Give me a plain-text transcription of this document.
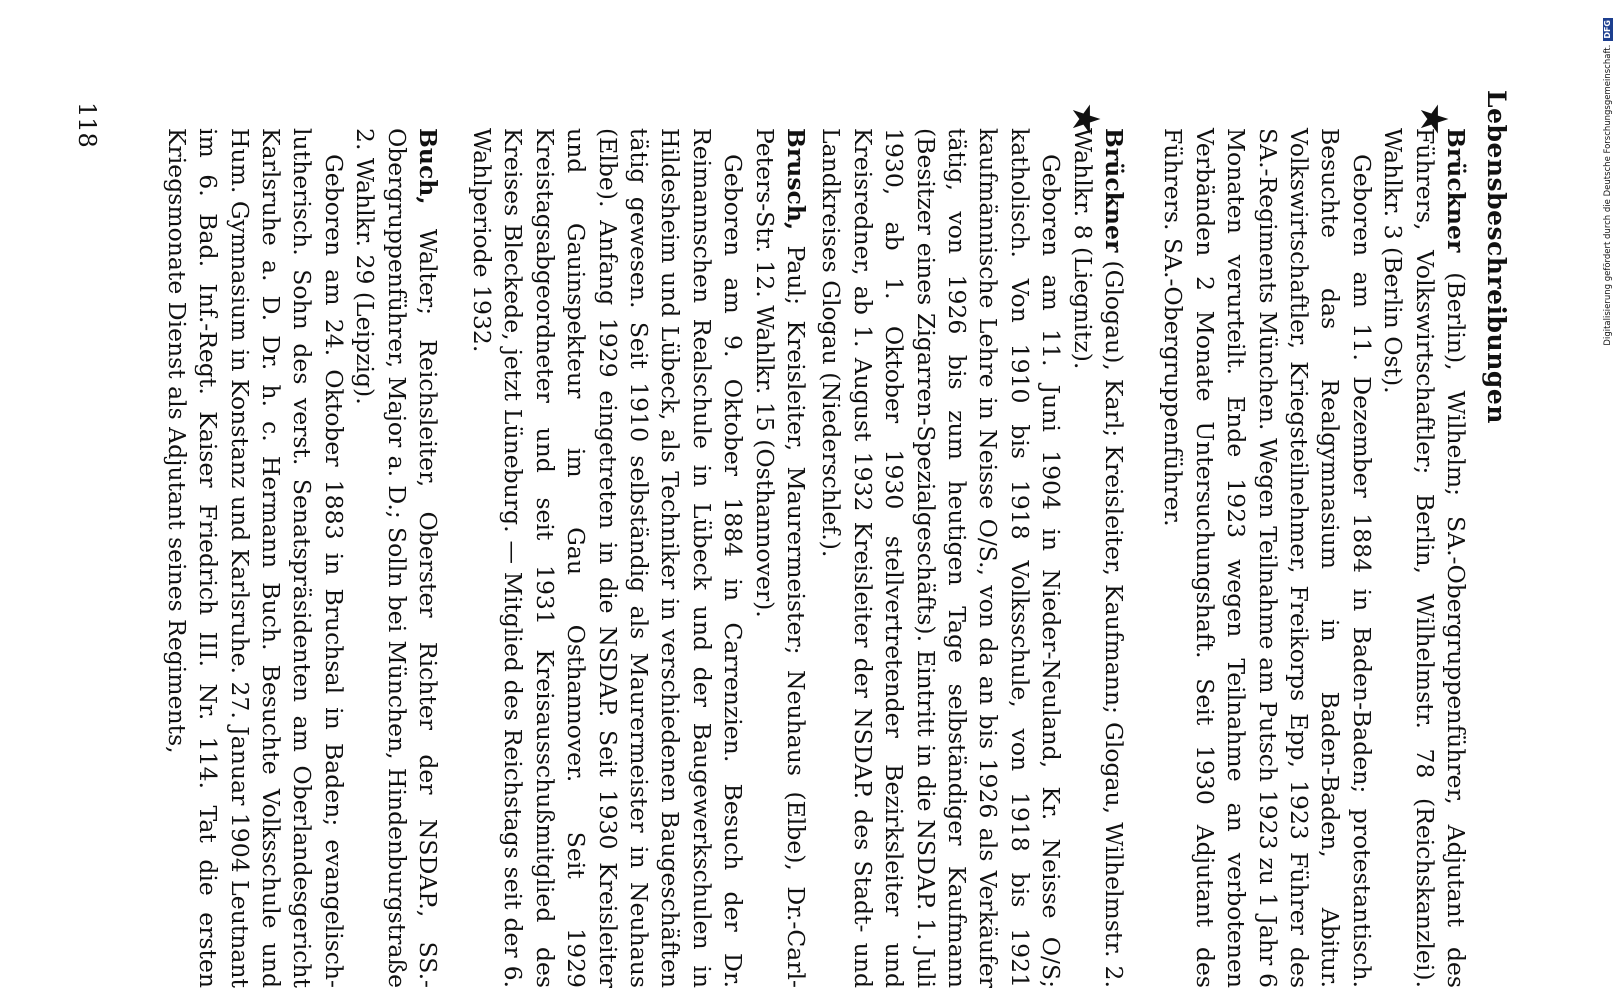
Lebensbeschreibungen
★

Brückner (Berlin), Wilhelm; SA.-Obergruppenführer, Adjutant des Führers, Volkswirtschaftler; Berlin, Wilhelmstr. 78 (Reichskanzlei). Wahlkr. 3 (Berlin Ost).

Geboren am 11. Dezember 1884 in Baden-Baden; protestantisch. Besuchte das Realgymnasium in Baden-Baden, Abitur. Volkswirtschaftler, Kriegsteilnehmer, Freikorps Epp, 1923 Führer des SA.-Regiments München. Wegen Teilnahme am Putsch 1923 zu 1 Jahr 6 Monaten verurteilt. Ende 1923 wegen Teilnahme an verbotenen Verbänden 2 Monate Untersuchungshaft. Seit 1930 Adjutant des Führers. SA.-Obergruppenführer.

★

Brückner (Glogau), Karl; Kreisleiter, Kaufmann; Glogau, Wilhelmstr. 2. Wahlkr. 8 (Liegnitz).

Geboren am 11. Juni 1904 in Nieder-Neuland, Kr. Neisse O/S; katholisch. Von 1910 bis 1918 Volksschule, von 1918 bis 1921 kaufmännische Lehre in Neisse O/S., von da an bis 1926 als Verkäufer tätig, von 1926 bis zum heutigen Tage selbständiger Kaufmann (Besitzer eines Zigarren-Spezialgeschäfts). Eintritt in die NSDAP. 1. Juli 1930, ab 1. Oktober 1930 stellvertretender Bezirksleiter und Kreisredner, ab 1. August 1932 Kreisleiter der NSDAP. des Stadt- und Landkreises Glogau (Niederschlef.).

Brusch, Paul; Kreisleiter, Maurermeister; Neuhaus (Elbe), Dr.-Carl-Peters-Str. 12. Wahlkr. 15 (Osthannover).

Geboren am 9. Oktober 1884 in Carrenzien. Besuch der Dr. Reimannschen Realschule in Lübeck und der Baugewerkschulen in Hildesheim und Lübeck, als Techniker in verschiedenen Baugeschäften tätig gewesen. Seit 1910 selbständig als Maurermeister in Neuhaus (Elbe). Anfang 1929 eingetreten in die NSDAP. Seit 1930 Kreisleiter und Gauinspekteur im Gau Osthannover. Seit 1929 Kreistagsabgeordneter und seit 1931 Kreisausschußmitglied des Kreises Bleckede, jetzt Lüneburg. — Mitglied des Reichstags seit der 6. Wahlperiode 1932.

Buch, Walter; Reichsleiter, Oberster Richter der NSDAP., SS.-Obergruppenführer, Major a. D.; Solln bei München, Hindenburgstraße 2. Wahlkr. 29 (Leipzig).

Geboren am 24. Oktober 1883 in Bruchsal in Baden; evangelisch-lutherisch. Sohn des verst. Senatspräsidenten am Oberlandesgericht Karlsruhe a. D. Dr. h. c. Hermann Buch. Besuchte Volksschule und Hum. Gymnasium in Konstanz und Karlsruhe. 27. Januar 1904 Leutnant im 6. Bad. Inf.-Regt. Kaiser Friedrich III. Nr. 114. Tat die ersten Kriegsmonate Dienst als Adjutant seines Regiments,

118	Digitalisierung gefördert durch die Deutsche Forschungsgemeinschaft.
DFG
